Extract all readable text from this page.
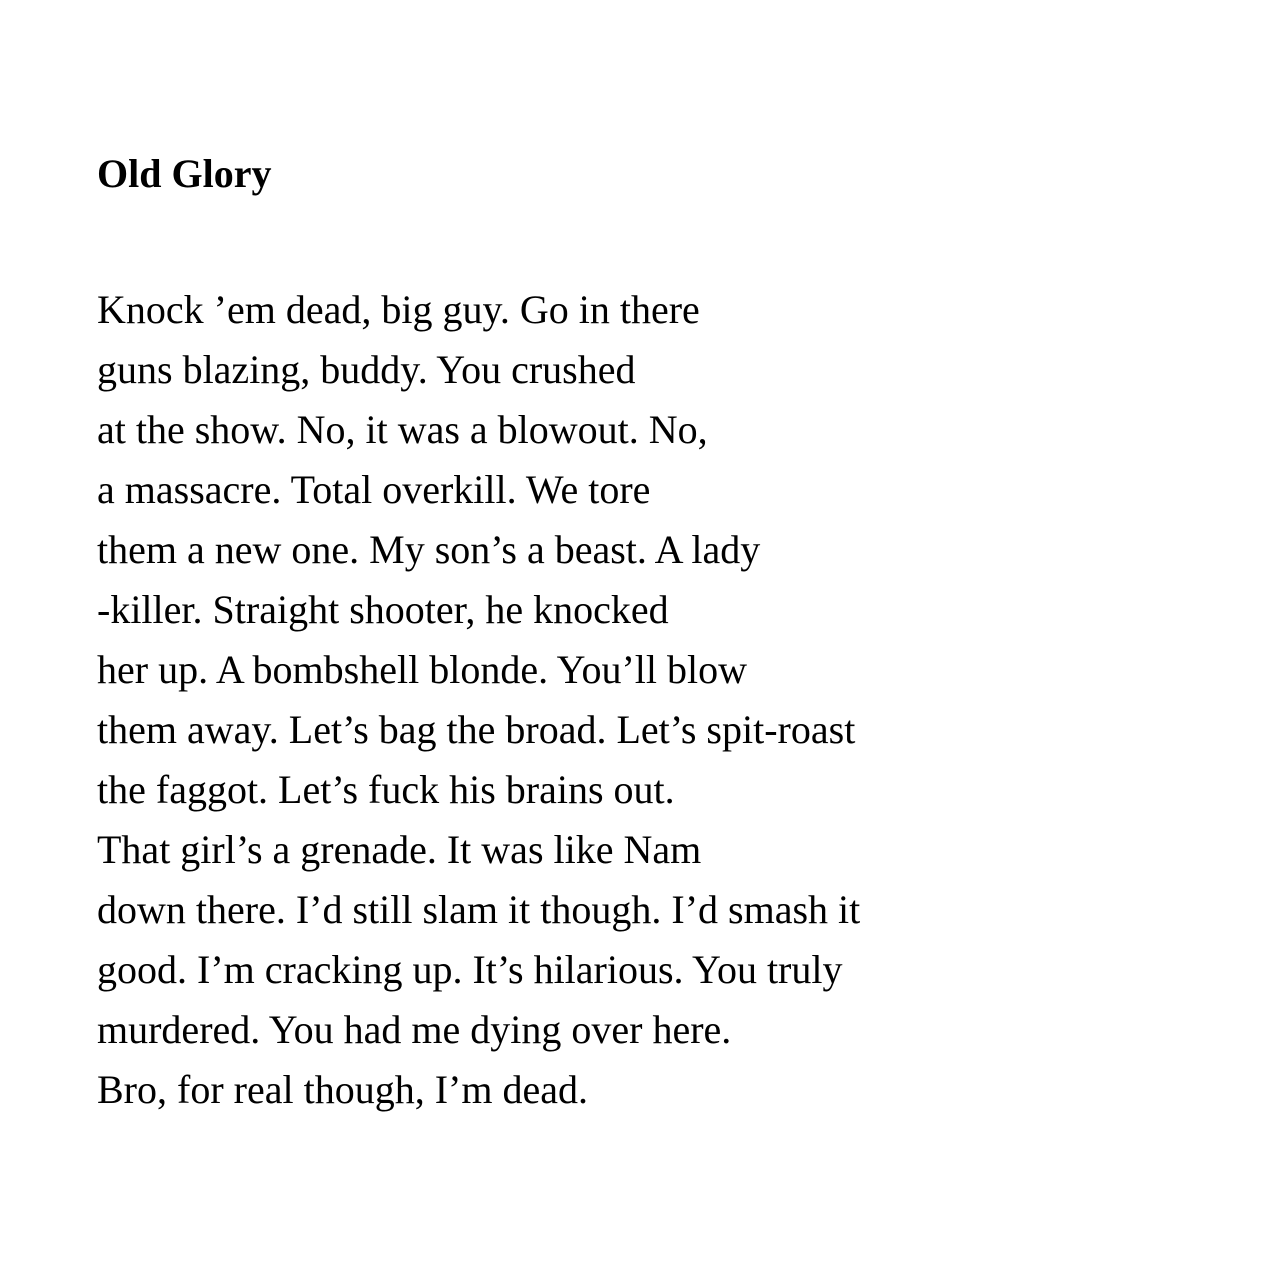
Old Glory
Knock ’em dead, big guy. Go in there
guns blazing, buddy. You crushed
at the show. No, it was a blowout. No,
a massacre. Total overkill. We tore
them a new one. My son’s a beast. A lady
-killer. Straight shooter, he knocked
her up. A bombshell blonde. You’ll blow
them away. Let’s bag the broad. Let’s spit-roast
the faggot. Let’s fuck his brains out.
That girl’s a grenade. It was like Nam
down there. I’d still slam it though. I’d smash it
good. I’m cracking up. It’s hilarious. You truly
murdered. You had me dying over here.
Bro, for real though, I’m dead.
